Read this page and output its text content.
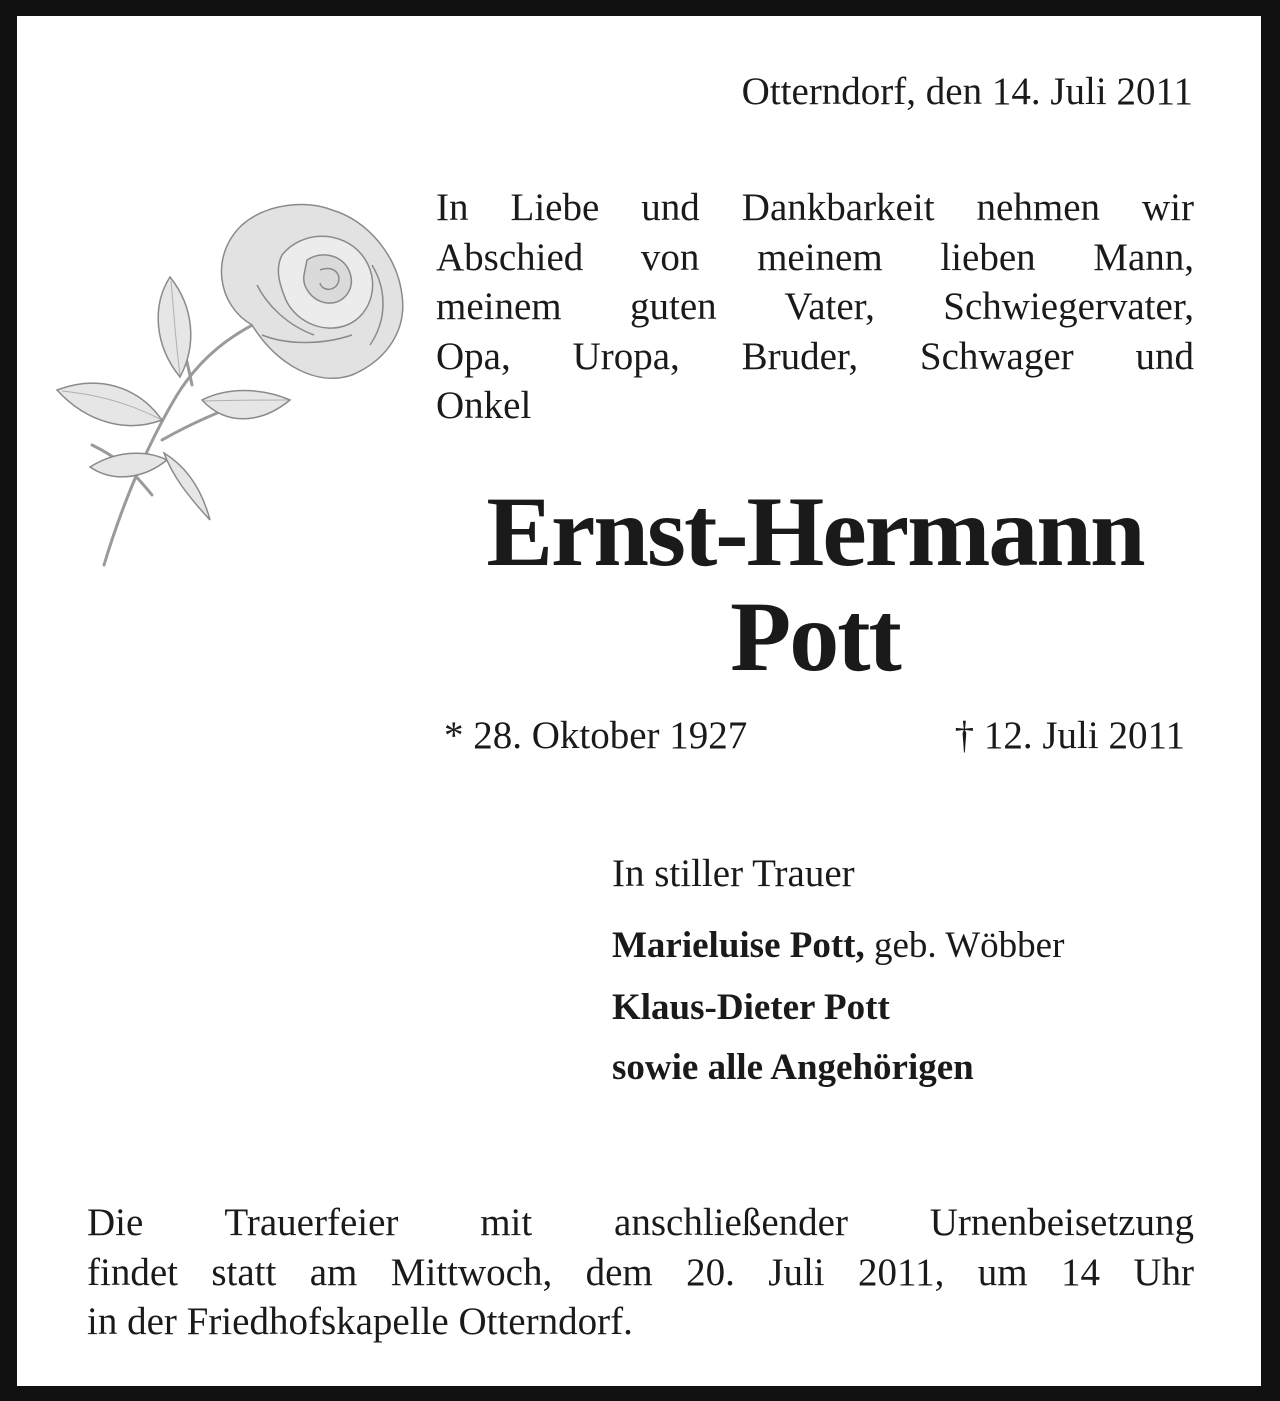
Otterndorf, den 14. Juli 2011
In Liebe und Dankbarkeit nehmen wir
Abschied von meinem lieben Mann,
meinem guten Vater, Schwiegervater,
Opa, Uropa, Bruder, Schwager und
Onkel
Ernst-Hermann
Pott
* 28. Oktober 1927	† 12. Juli 2011
In stiller Trauer
Marieluise Pott, geb. Wöbber
Klaus-Dieter Pott
sowie alle Angehörigen
Die Trauerfeier mit anschließender Urnenbeisetzung
findet statt am Mittwoch, dem 20. Juli 2011, um 14 Uhr
in der Friedhofskapelle Otterndorf.
